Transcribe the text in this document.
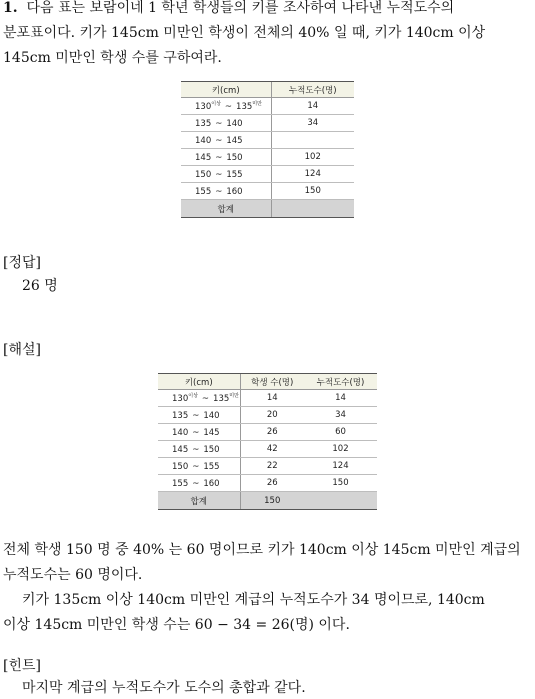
1. 다음 표는 보람이네 1 학년 학생들의 키를 조사하여 나타낸 누적도수의
분포표이다. 키가 145cm 미만인 학생이 전체의 40% 일 때, 키가 140cm 이상
145cm 미만인 학생 수를 구하여라.
키(cm)	누적도수(명)
$130^{이상}$ ~ $135^{미만}$	14
135 ~ 140	34
140 ~ 145	
145 ~ 150	102
150 ~ 155	124
155 ~ 160	150
합계	
[정답]
26 명
[해설]
키(cm)	학생 수(명)	누적도수(명)
$130^{이상}$ ~ $135^{미만}$	14	14
135 ~ 140	20	34
140 ~ 145	26	60
145 ~ 150	42	102
150 ~ 155	22	124
155 ~ 160	26	150
합계	150	
전체 학생 150 명 중 40% 는 60 명이므로 키가 140cm 이상 145cm 미만인 계급의
누적도수는 60 명이다.
키가 135cm 이상 140cm 미만인 계급의 누적도수가 34 명이므로, 140cm
이상 145cm 미만인 학생 수는 60 − 34 = 26(명) 이다.
[힌트]
마지막 계급의 누적도수가 도수의 총합과 같다.
